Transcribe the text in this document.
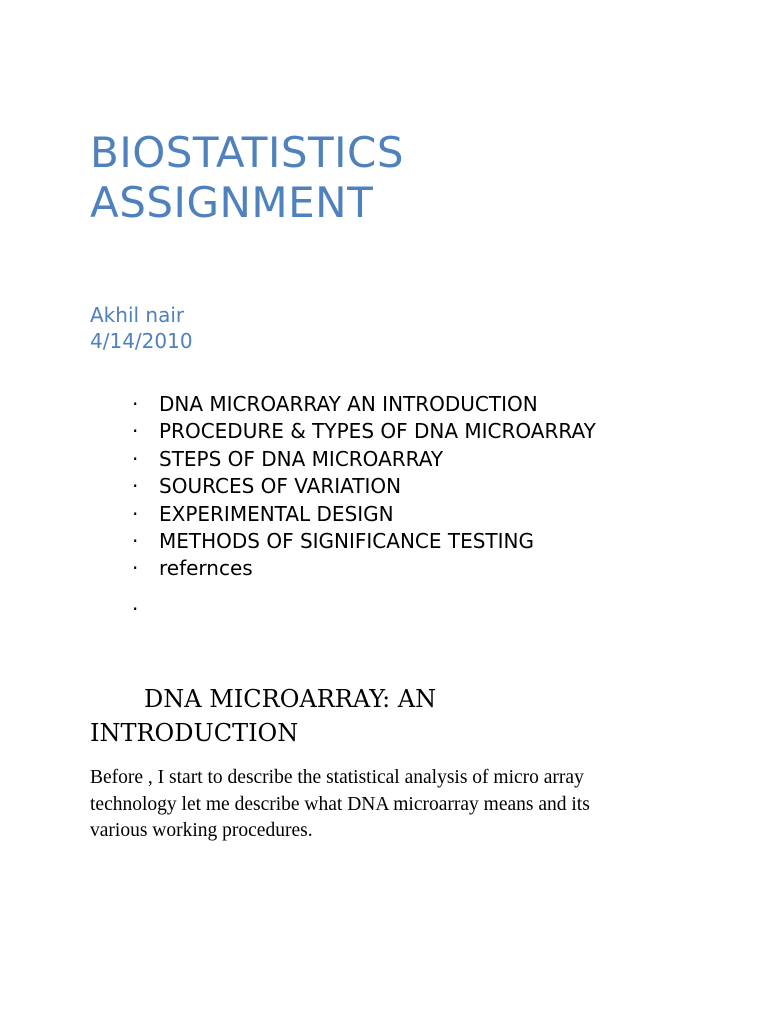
BIOSTATISTICS
ASSIGNMENT
Akhil nair
4/14/2010
· DNA MICROARRAY AN INTRODUCTION
· PROCEDURE & TYPES OF DNA MICROARRAY
· STEPS OF DNA MICROARRAY
· SOURCES OF VARIATION
· EXPERIMENTAL DESIGN
· METHODS OF SIGNIFICANCE TESTING
· refernces
·
DNA MICROARRAY: AN INTRODUCTION

Before , I start to describe the statistical analysis of micro array
technology let me describe what DNA microarray means and its
various working procedures.
